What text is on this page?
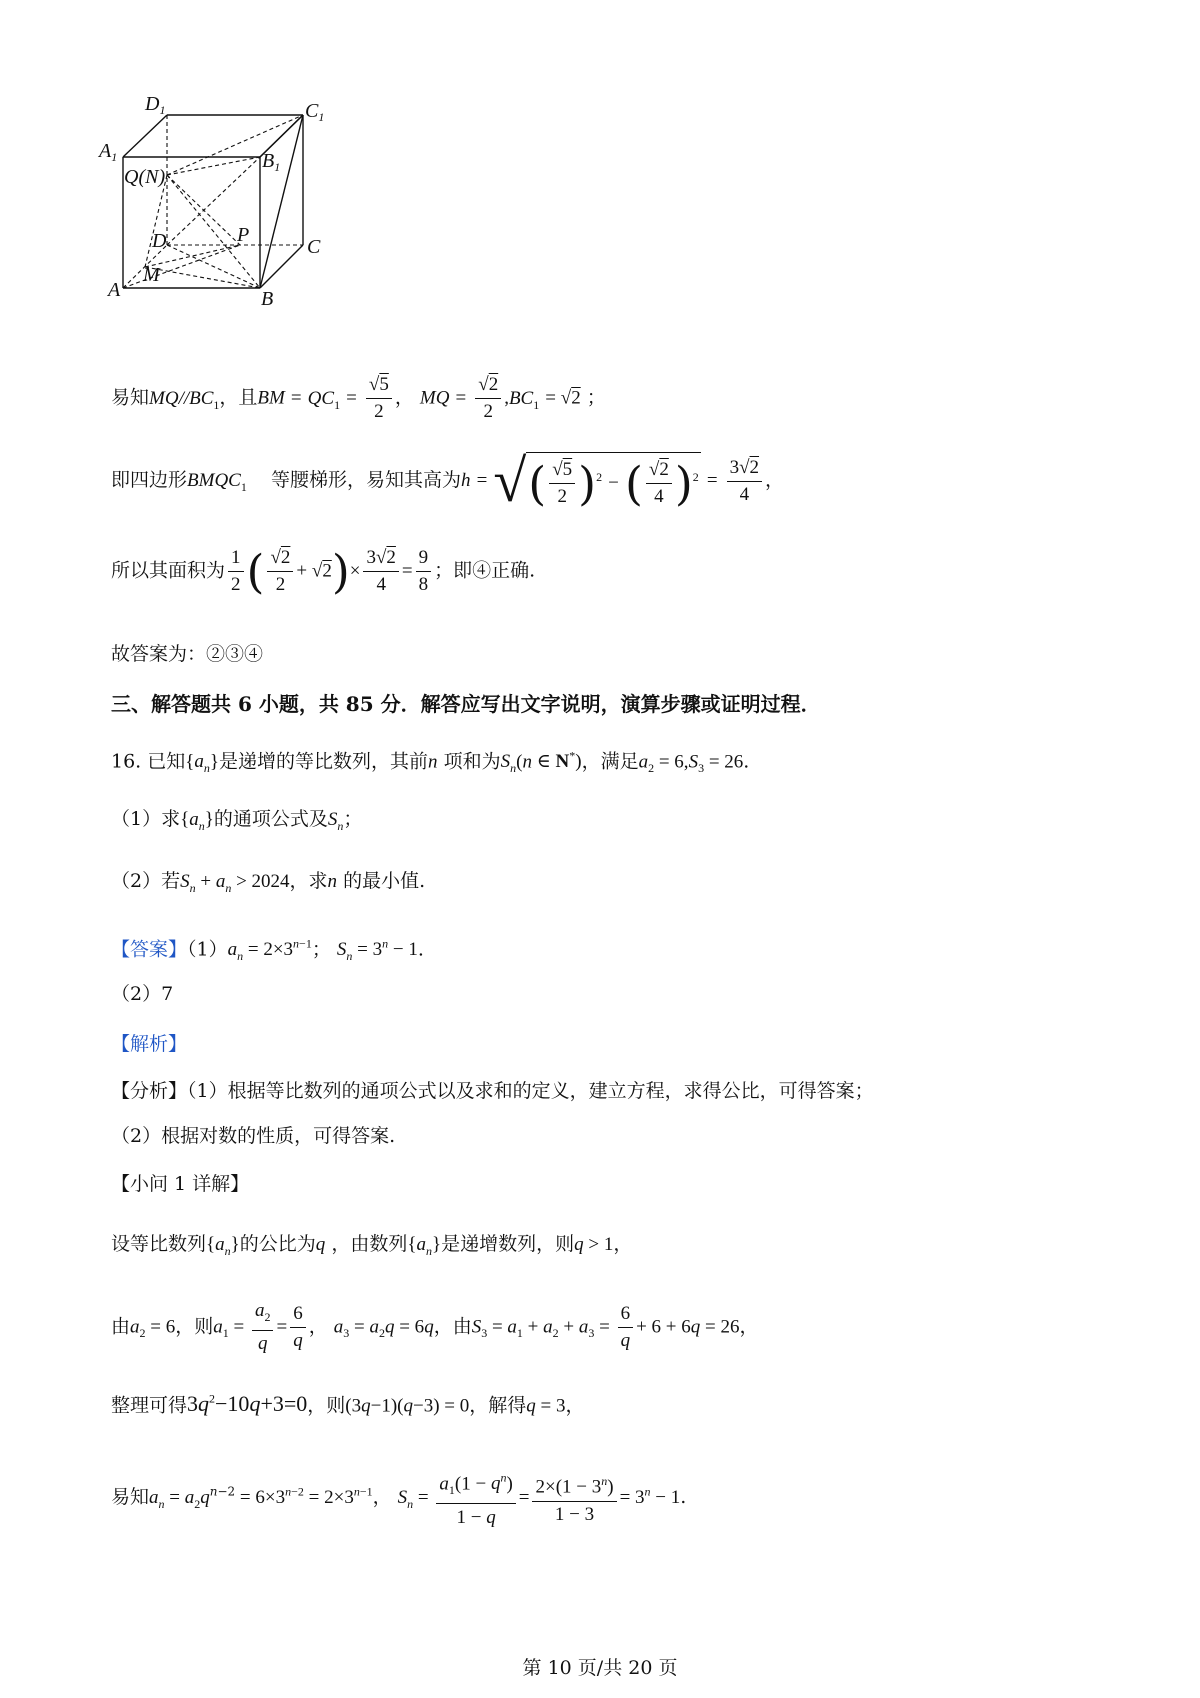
$D_1$	$C_1$
$A_1$	$B_1$
Q(N)
D	P
C
M
A	B
易知$MQ//BC_1$，且BM = $QC_1 = \frac{√5}{2}$ ， MQ = $\frac{√2}{2} ,BC_1 = √2$ ；
即四边形$BMQC_1$ 等腰梯形，易知其高为h = √( $\frac{√5}{2} )^2$ − ( $\frac{√2}{4} )^2 = \frac{3√2}{4}$ ，
所以其面积为 $\frac{1}{2}$ ( $\frac{√2}{2} + √2)\times \frac{3√2}{4} = \frac{9}{8}$ ；即④正确.
故答案为：②③④
三、解答题共 6 小题，共 85 分．解答应写出文字说明，演算步骤或证明过程．
16. 已知$\{a_n\}$是递增的等比数列，其前n 项和为$S_n(n$ ∈ N*)，满足$a_2 = 6,S_3 = 26$.
（1）求$\{a_n\}$的通项公式及$S_n$；
（2）若$S_n + a_n > 2024$，求n 的最小值.
【答案】$(1)a_n = 2\times 3^{n-1}$； $S_n = 3^n - 1$.
（2）7
【解析】
【分析】（1）根据等比数列的通项公式以及求和的定义，建立方程，求得公比，可得答案；
（2）根据对数的性质，可得答案.
【小问 1 详解】
设等比数列$\{a_n\}$的公比为q ，由数列$\{a_n\}$是递增数列，则q > 1，
由$a_2 = 6$，则$a_1 = \frac{a_2}{q} = \frac{6}{q}$ ， $a_3 = a_2q = 6q$，由$S_3 = a_1 + a_2 + a_3 = \frac{6}{q} + 6 + 6q = 26$，
整理可得$3q^2-10q+3=0$，则(3q−1)(q−3) = 0，解得q = 3，
易知$a_n = a_2q^{n-2} = 6\times 3^{n-2} = 2\times 3^{n-1}$， $S_n = \frac{a_1(1 - q^n)}{1 - q} = \frac{2\times(1 - 3^n)}{1 - 3} = 3^n - 1$.
第 10 页/共 20 页
